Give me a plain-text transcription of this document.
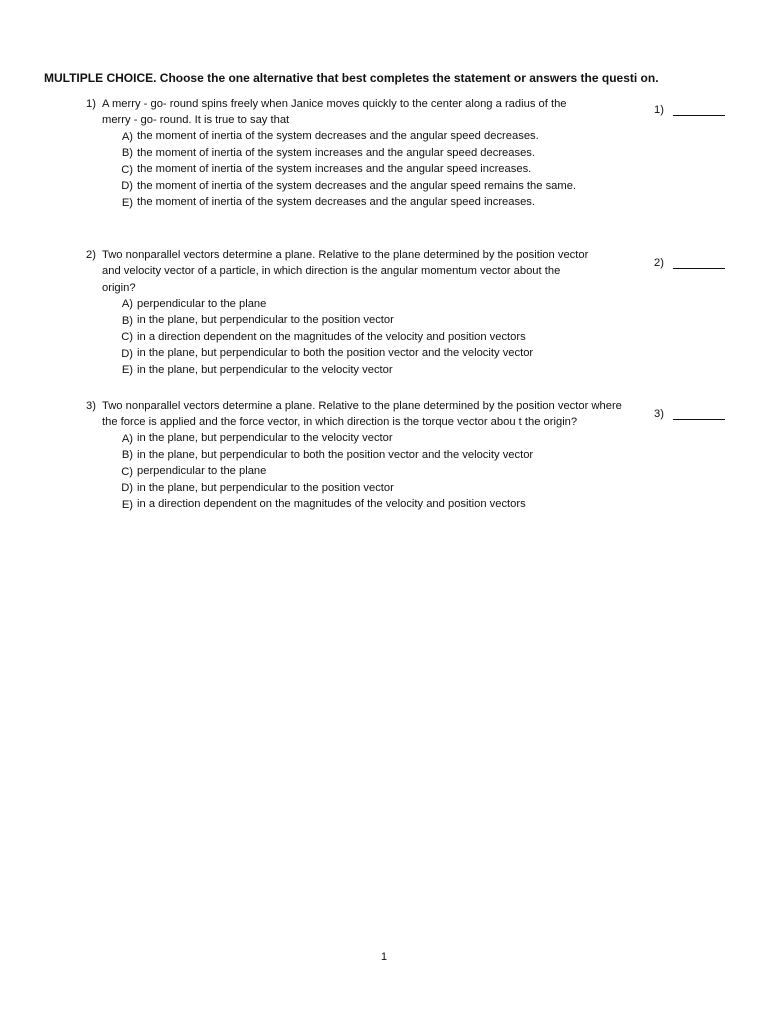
MULTIPLE CHOICE. Choose the one alternative that best completes the statement or answers the questi on.
1) A merry - go- round spins freely when Janice moves quickly to the center along a radius of the merry - go- round. It is true to say that
A) the moment of inertia of the system decreases and the angular speed decreases.
B) the moment of inertia of the system increases and the angular speed decreases.
C) the moment of inertia of the system increases and the angular speed increases.
D) the moment of inertia of the system decreases and the angular speed remains the same.
E) the moment of inertia of the system decreases and the angular speed increases.
1)
2) Two nonparallel vectors determine a plane. Relative to the plane determined by the position vector and velocity vector of a particle, in which direction is the angular momentum vector about the origin?
A) perpendicular to the plane
B) in the plane, but perpendicular to the position vector
C) in a direction dependent on the magnitudes of the velocity and position vectors
D) in the plane, but perpendicular to both the position vector and the velocity vector
E) in the plane, but perpendicular to the velocity vector
2)
3) Two nonparallel vectors determine a plane. Relative to the plane determined by the position vector where the force is applied and the force vector, in which direction is the torque vector abou t the origin?
A) in the plane, but perpendicular to the velocity vector
B) in the plane, but perpendicular to both the position vector and the velocity vector
C) perpendicular to the plane
D) in the plane, but perpendicular to the position vector
E) in a direction dependent on the magnitudes of the velocity and position vectors
3)
1
